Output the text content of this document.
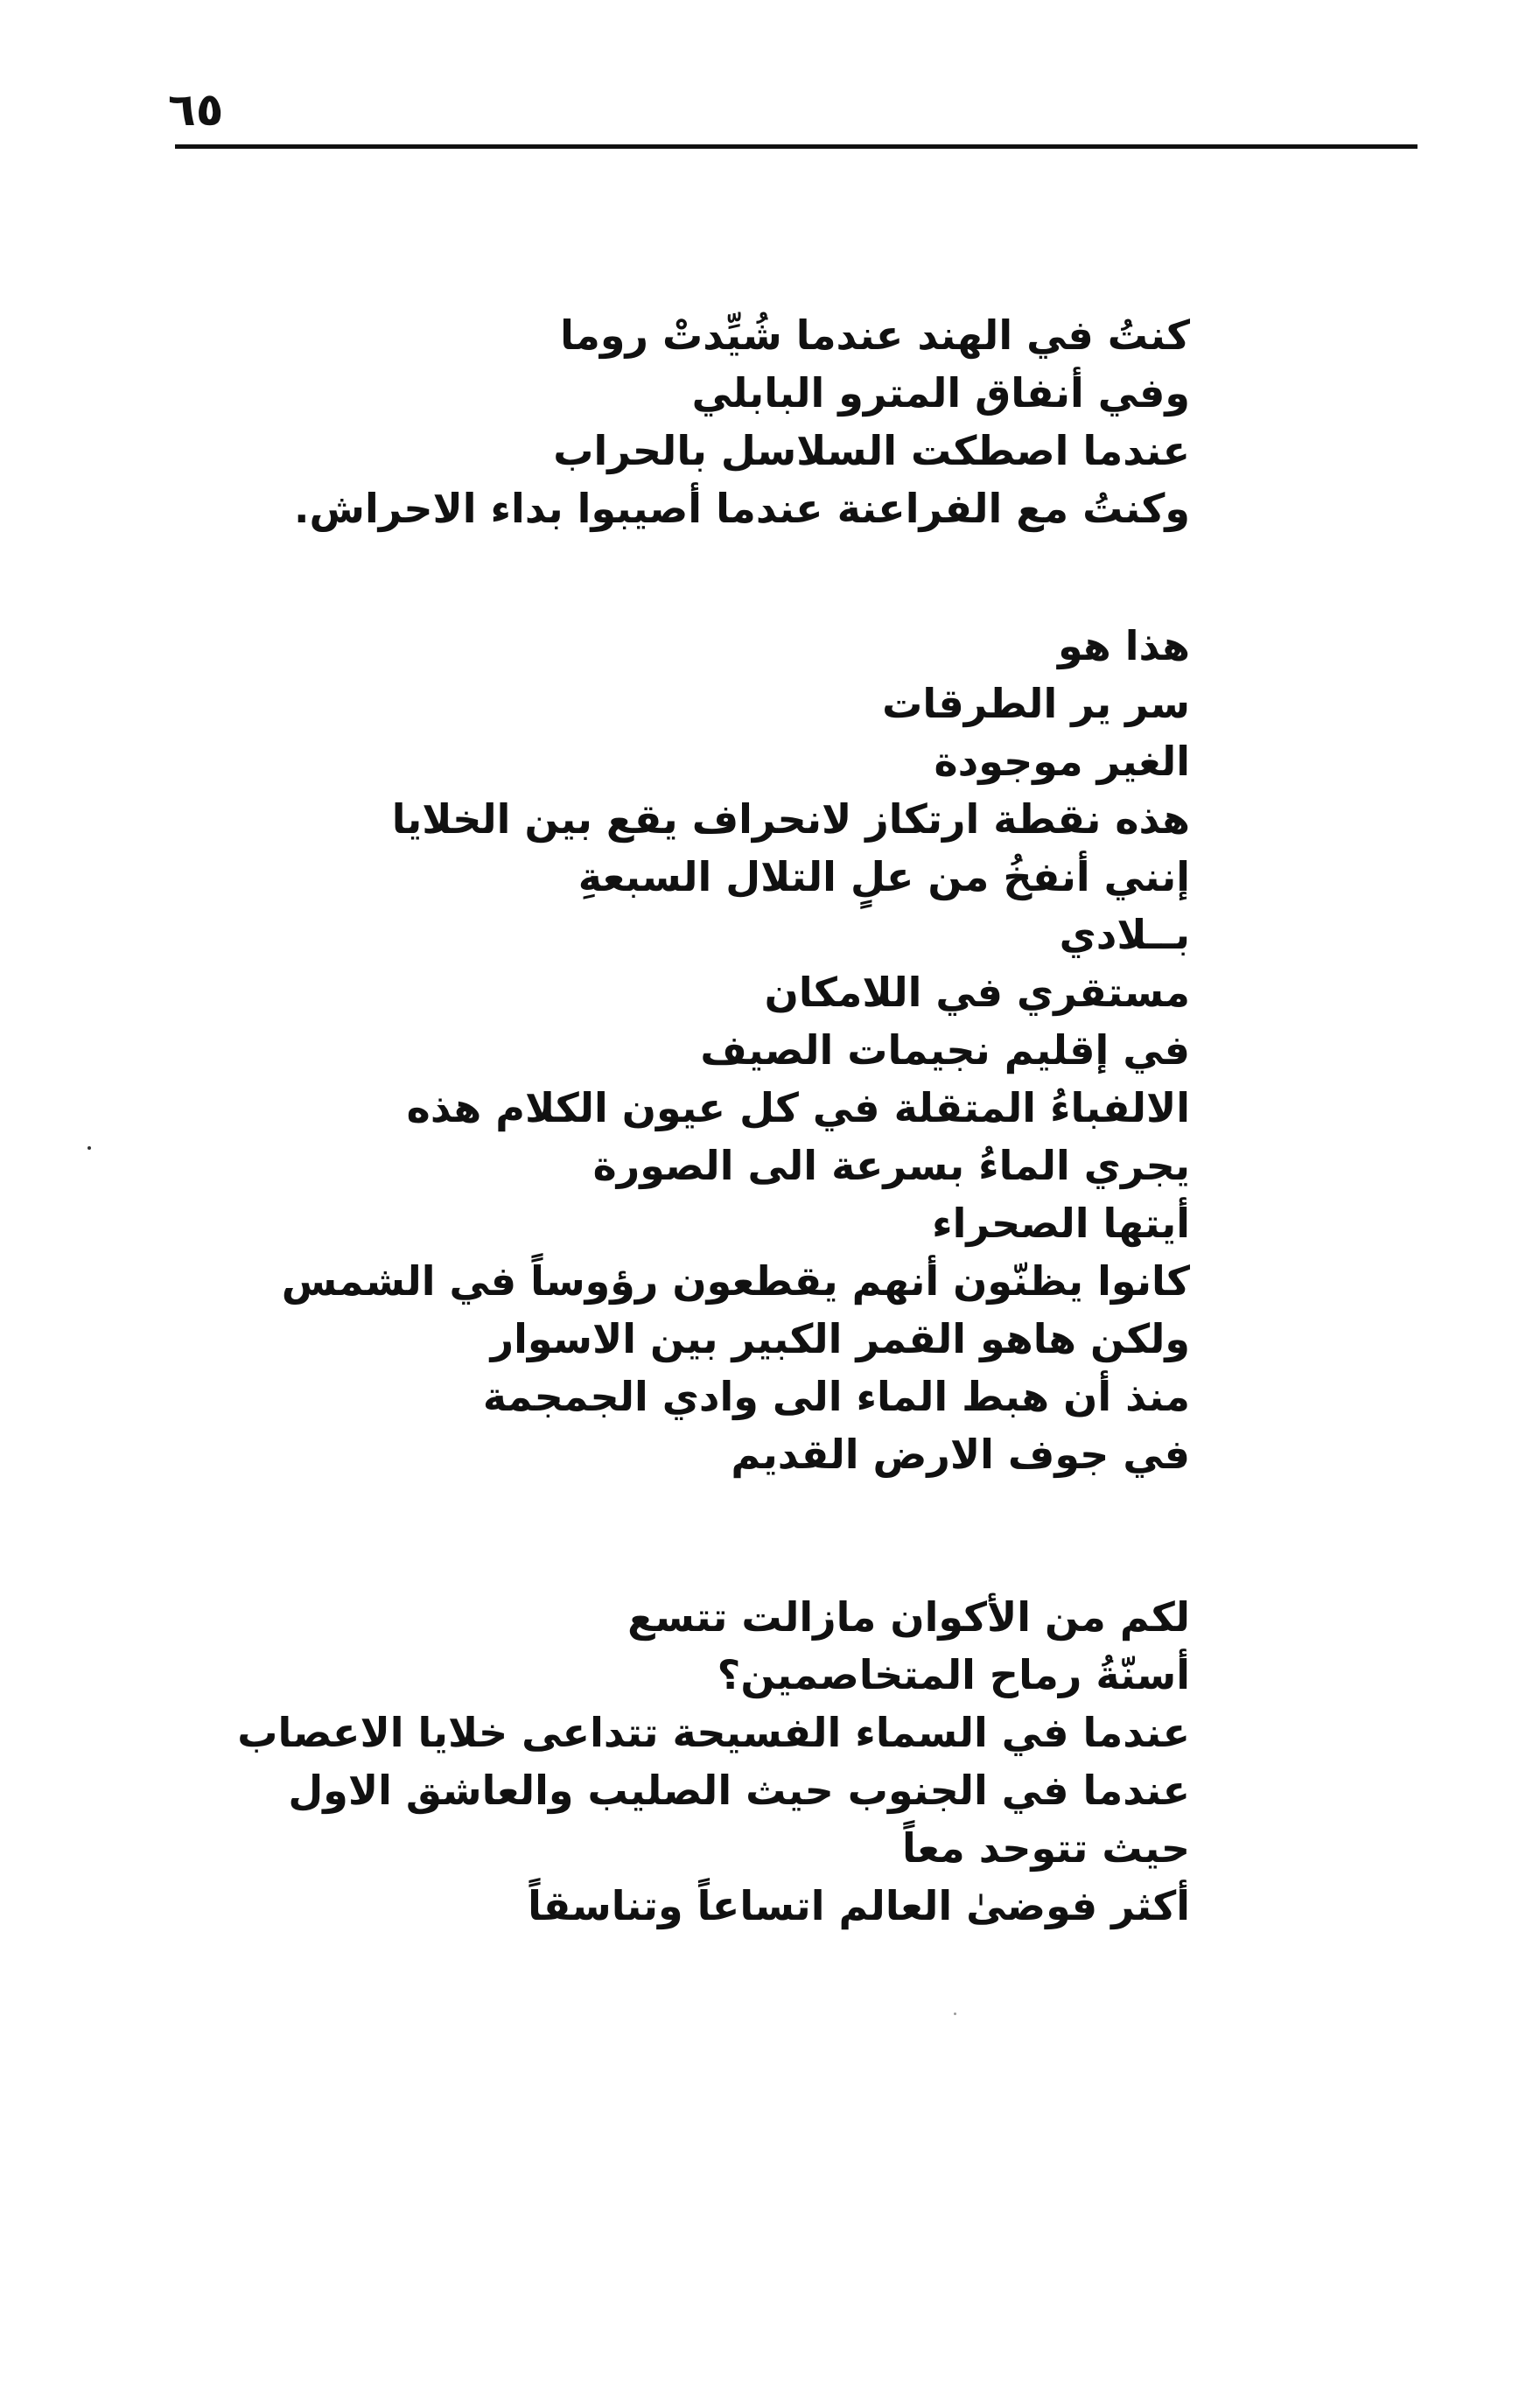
٦٥
كنتُ في الهند عندما شُيِّدتْ روما
وفي أنفاق المترو البابلي
عندما اصطكت السلاسل بالحراب
وكنتُ مع الفراعنة عندما أصيبوا بداء الاحراش.
هذا هو
سر ير الطرقات
الغير موجودة
هذه نقطة ارتكاز لانحراف يقع بين الخلايا
إنني أنفخُ من علٍ التلال السبعةِ
بــلادي
مستقري في اللامكان
في إقليم نجيمات الصيف
الالفباءُ المتقلة في كل عيون الكلام هذه
يجري الماءُ بسرعة الى الصورة
أيتها الصحراء
كانوا يظنّون أنهم يقطعون رؤوساً في الشمس
ولكن هاهو القمر الكبير بين الاسوار
منذ أن هبط الماء الى وادي الجمجمة
في جوف الارض القديم
لكم من الأكوان مازالت تتسع
أسنّةُ رماح المتخاصمين؟
عندما في السماء الفسيحة تتداعى خلايا الاعصاب
عندما في الجنوب حيث الصليب والعاشق الاول
حيث تتوحد معاً
أكثر فوضىٰ العالم اتساعاً وتناسقاً
